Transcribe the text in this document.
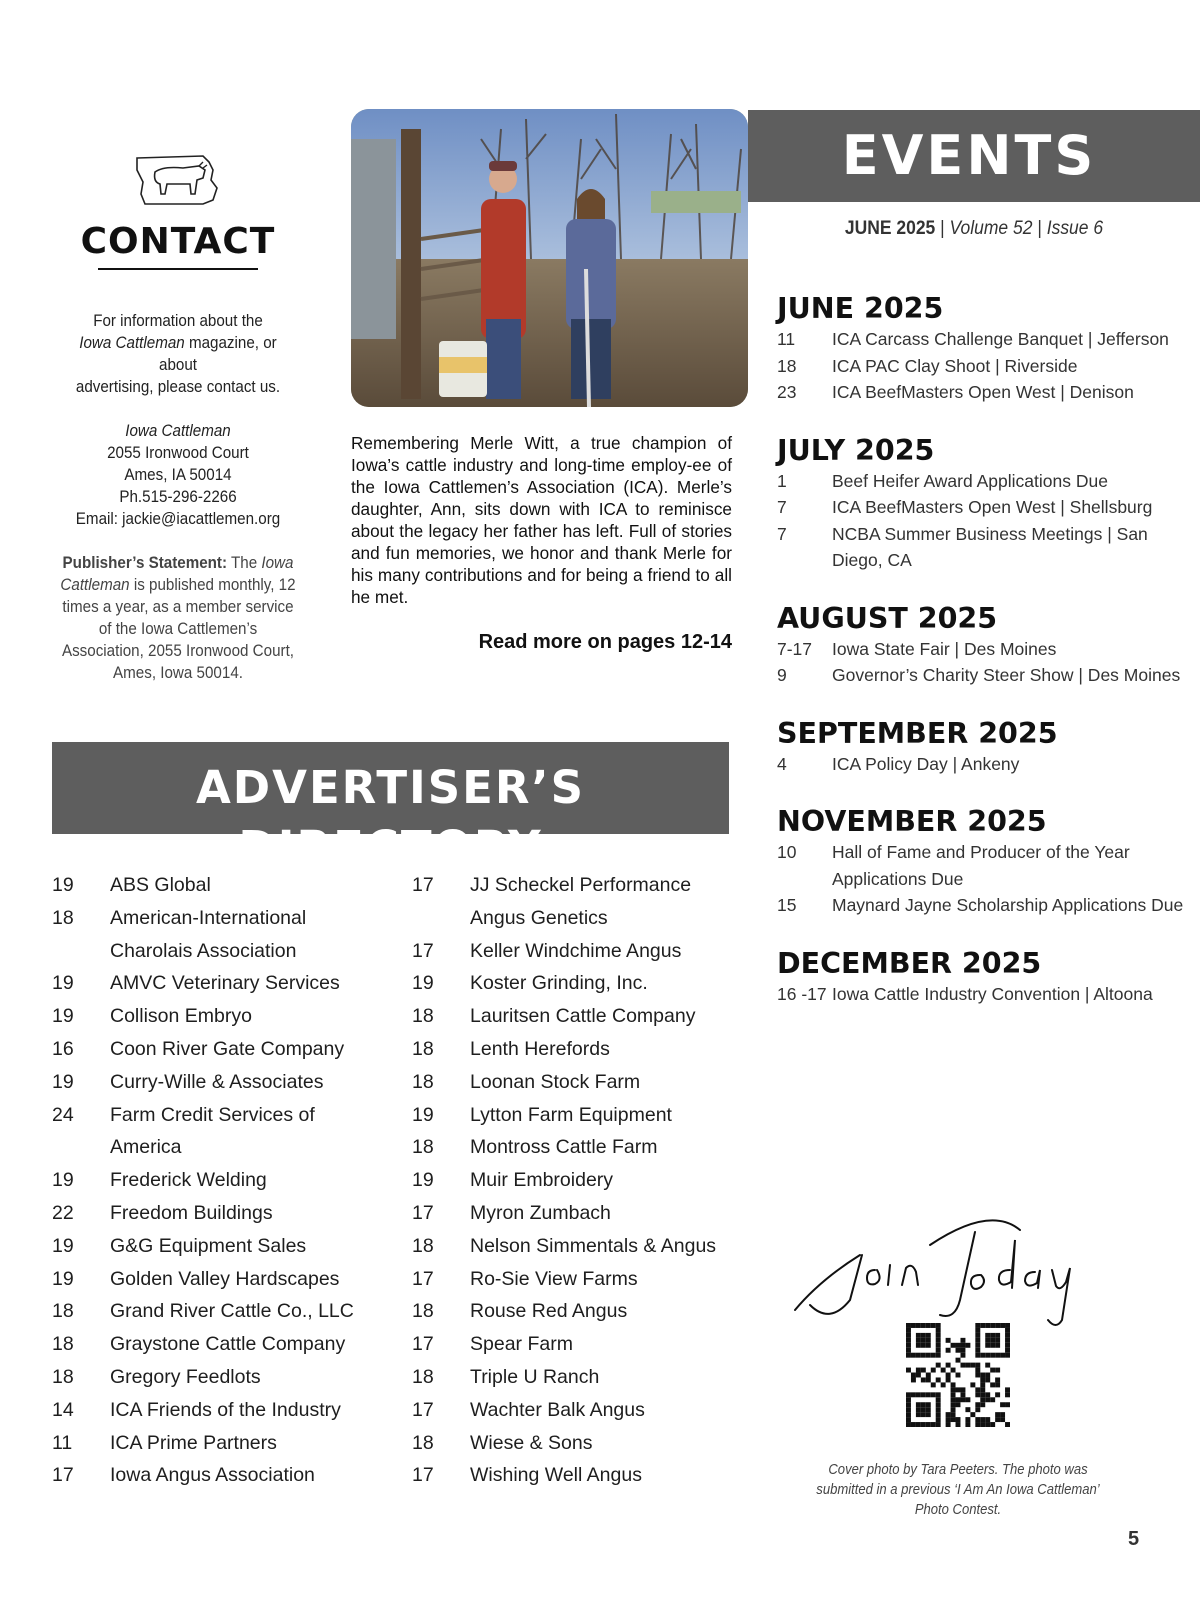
CONTACT

For information about the
Iowa Cattleman magazine, or about
advertising, please contact us.

Iowa Cattleman
2055 Ironwood Court
Ames, IA 50014
Ph.515-296-2266
Email: jackie@iacattlemen.org

Publisher’s Statement: The Iowa Cattleman is published monthly, 12 times a year, as a member service of the Iowa Cattlemen’s Association, 2055 Ironwood Court, Ames, Iowa 50014.

Remembering Merle Witt, a true champion of Iowa’s cattle industry and long-time employ-ee of the Iowa Cattlemen’s Association (ICA). Merle’s daughter, Ann, sits down with ICA to reminisce about the legacy her father has left. Full of stories and fun memories, we honor and thank Merle for his many contributions and for being a friend to all he met.

Read more on pages 12-14
EVENTS
JUNE 2025 | Volume 52 | Issue 6
JUNE 2025
11	ICA Carcass Challenge Banquet | Jefferson
18	ICA PAC Clay Shoot | Riverside
23	ICA BeefMasters Open West | Denison
JULY 2025
1	Beef Heifer Award Applications Due
7	ICA BeefMasters Open West | Shellsburg
7	NCBA Summer Business Meetings | San Diego, CA
AUGUST 2025
7-17	Iowa State Fair | Des Moines
9	Governor’s Charity Steer Show | Des Moines
SEPTEMBER 2025
4	ICA Policy Day | Ankeny
NOVEMBER 2025
10	Hall of Fame and Producer of the Year Applications Due
15	Maynard Jayne Scholarship Applications Due
DECEMBER 2025
16 -17 Iowa Cattle Industry Convention | Altoona
ADVERTISER’S DIRECTORY
19	ABS Global
18	American-International Charolais Association
19	AMVC Veterinary Services
19	Collison Embryo
16	Coon River Gate Company
19	Curry-Wille & Associates
24	Farm Credit Services of America
19	Frederick Welding
22	Freedom Buildings
19	G&G Equipment Sales
19	Golden Valley Hardscapes
18	Grand River Cattle Co., LLC
18	Graystone Cattle Company
18	Gregory Feedlots
14	ICA Friends of the Industry
11	ICA Prime Partners
17	Iowa Angus Association
17	JJ Scheckel Performance Angus Genetics
17	Keller Windchime Angus
19	Koster Grinding, Inc.
18	Lauritsen Cattle Company
18	Lenth Herefords
18	Loonan Stock Farm
19	Lytton Farm Equipment
18	Montross Cattle Farm
19	Muir Embroidery
17	Myron Zumbach
18	Nelson Simmentals & Angus
17	Ro-Sie View Farms
18	Rouse Red Angus
17	Spear Farm
18	Triple U Ranch
17	Wachter Balk Angus
18	Wiese & Sons
17	Wishing Well Angus	Cover photo by Tara Peeters. The photo was submitted in a previous ‘I Am An Iowa Cattleman’ Photo Contest.

5
